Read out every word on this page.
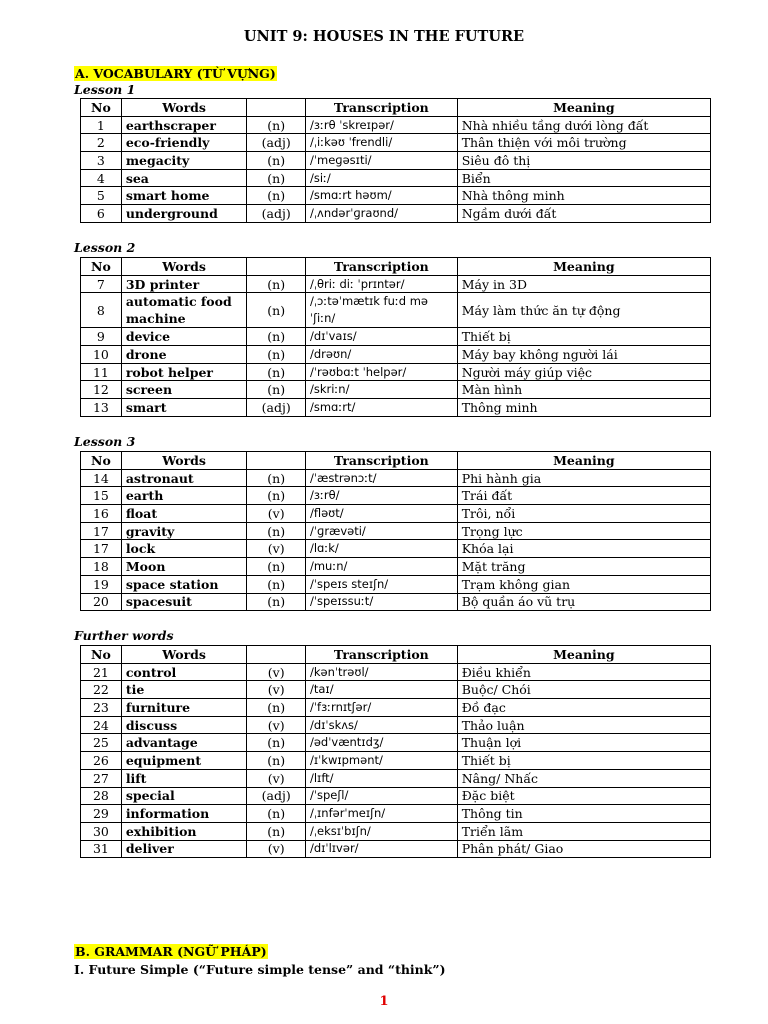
UNIT 9: HOUSES IN THE FUTURE
A. VOCABULARY (TỪ VỰNG)
Lesson 1
No	Words		Transcription	Meaning
1	earthscraper	(n)	/ɜːrθ ˈskreɪpər/	Nhà nhiều tầng dưới lòng đất
2	eco-friendly	(adj)	/ˌiːkəʊ ˈfrendli/	Thân thiện với môi trường
3	megacity	(n)	/ˈmeɡəsɪti/	Siêu đô thị
4	sea	(n)	/siː/	Biển
5	smart home	(n)	/smɑːrt həʊm/	Nhà thông minh
6	underground	(adj)	/ˌʌndərˈɡraʊnd/	Ngầm dưới đất
Lesson 2
No	Words		Transcription	Meaning
7	3D printer	(n)	/ˌθriː diː ˈprɪntər/	Máy in 3D
8	automatic food machine	(n)	/ˌɔːtəˈmætɪk fuːd məˈʃiːn/	Máy làm thức ăn tự động
9	device	(n)	/dɪˈvaɪs/	Thiết bị
10	drone	(n)	/drəʊn/	Máy bay không người lái
11	robot helper	(n)	/ˈrəʊbɑːt ˈhelpər/	Người máy giúp việc
12	screen	(n)	/skriːn/	Màn hình
13	smart	(adj)	/smɑːrt/	Thông minh
Lesson 3
No	Words		Transcription	Meaning
14	astronaut	(n)	/ˈæstrənɔːt/	Phi hành gia
15	earth	(n)	/ɜːrθ/	Trái đất
16	float	(v)	/fləʊt/	Trôi, nổi
17	gravity	(n)	/ˈɡrævəti/	Trọng lực
17	lock	(v)	/lɑːk/	Khóa lại
18	Moon	(n)	/muːn/	Mặt trăng
19	space station	(n)	/ˈspeɪs steɪʃn/	Trạm không gian
20	spacesuit	(n)	/ˈspeɪssuːt/	Bộ quần áo vũ trụ
Further words
No	Words		Transcription	Meaning
21	control	(v)	/kənˈtrəʊl/	Điều khiển
22	tie	(v)	/taɪ/	Buộc/ Chói
23	furniture	(n)	/ˈfɜːrnɪtʃər/	Đồ đạc
24	discuss	(v)	/dɪˈskʌs/	Thảo luận
25	advantage	(n)	/ədˈvæntɪdʒ/	Thuận lợi
26	equipment	(n)	/ɪˈkwɪpmənt/	Thiết bị
27	lift	(v)	/lɪft/	Nâng/ Nhấc
28	special	(adj)	/ˈspeʃl/	Đặc biệt
29	information	(n)	/ˌɪnfərˈmeɪʃn/	Thông tin
30	exhibition	(n)	/ˌeksɪˈbɪʃn/	Triển lãm
31	deliver	(v)	/dɪˈlɪvər/	Phân phát/ Giao
B. GRAMMAR (NGỮ PHÁP)
I. Future Simple (“Future simple tense” and “think”)
1
